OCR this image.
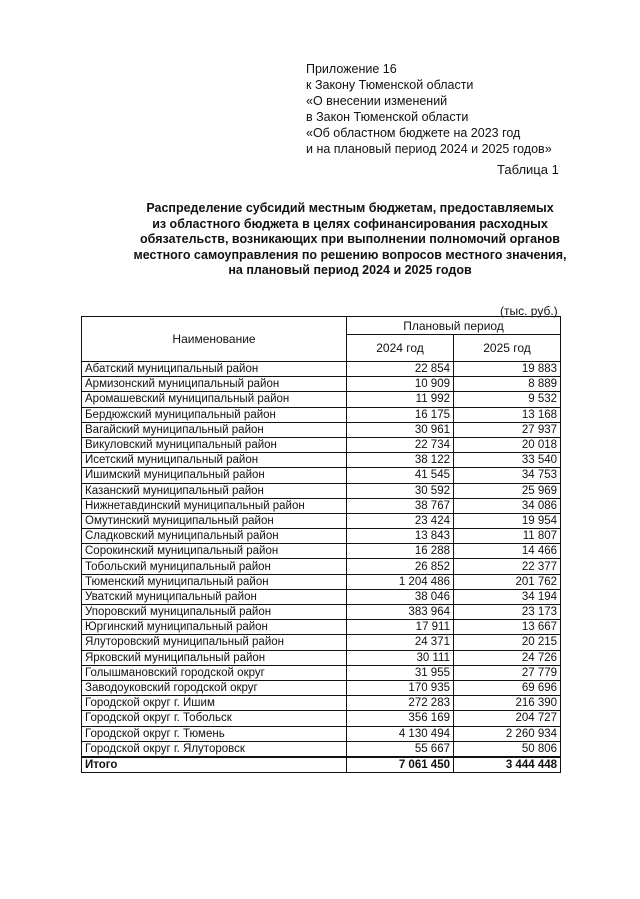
Приложение 16
к Закону Тюменской области
«О внесении изменений
в Закон Тюменской области
«Об областном бюджете на 2023 год
и на плановый период 2024 и 2025 годов»
Таблица 1
Распределение субсидий местным бюджетам, предоставляемых
из областного бюджета в целях софинансирования расходных
обязательств, возникающих при выполнении полномочий органов
местного самоуправления по решению вопросов местного значения,
на плановый период 2024 и 2025 годов
(тыс. руб.)
Наименование	Плановый период	
	2024 год	2025 год
Абатский муниципальный район	22 854	19 883
Армизонский муниципальный район	10 909	8 889
Аромашевский муниципальный район	11 992	9 532
Бердюжский муниципальный район	16 175	13 168
Вагайский муниципальный район	30 961	27 937
Викуловский муниципальный район	22 734	20 018
Исетский муниципальный район	38 122	33 540
Ишимский муниципальный район	41 545	34 753
Казанский муниципальный район	30 592	25 969
Нижнетавдинский муниципальный район	38 767	34 086
Омутинский муниципальный район	23 424	19 954
Сладковский муниципальный район	13 843	11 807
Сорокинский муниципальный район	16 288	14 466
Тобольский муниципальный район	26 852	22 377
Тюменский муниципальный район	1 204 486	201 762
Уватский муниципальный район	38 046	34 194
Упоровский муниципальный район	383 964	23 173
Юргинский муниципальный район	17 911	13 667
Ялуторовский муниципальный район	24 371	20 215
Ярковский муниципальный район	30 111	24 726
Голышмановский городской округ	31 955	27 779
Заводоуковский городской округ	170 935	69 696
Городской округ г. Ишим	272 283	216 390
Городской округ г. Тобольск	356 169	204 727
Городской округ г. Тюмень	4 130 494	2 260 934
Городской округ г. Ялуторовск	55 667	50 806
Итого	7 061 450	3 444 448
